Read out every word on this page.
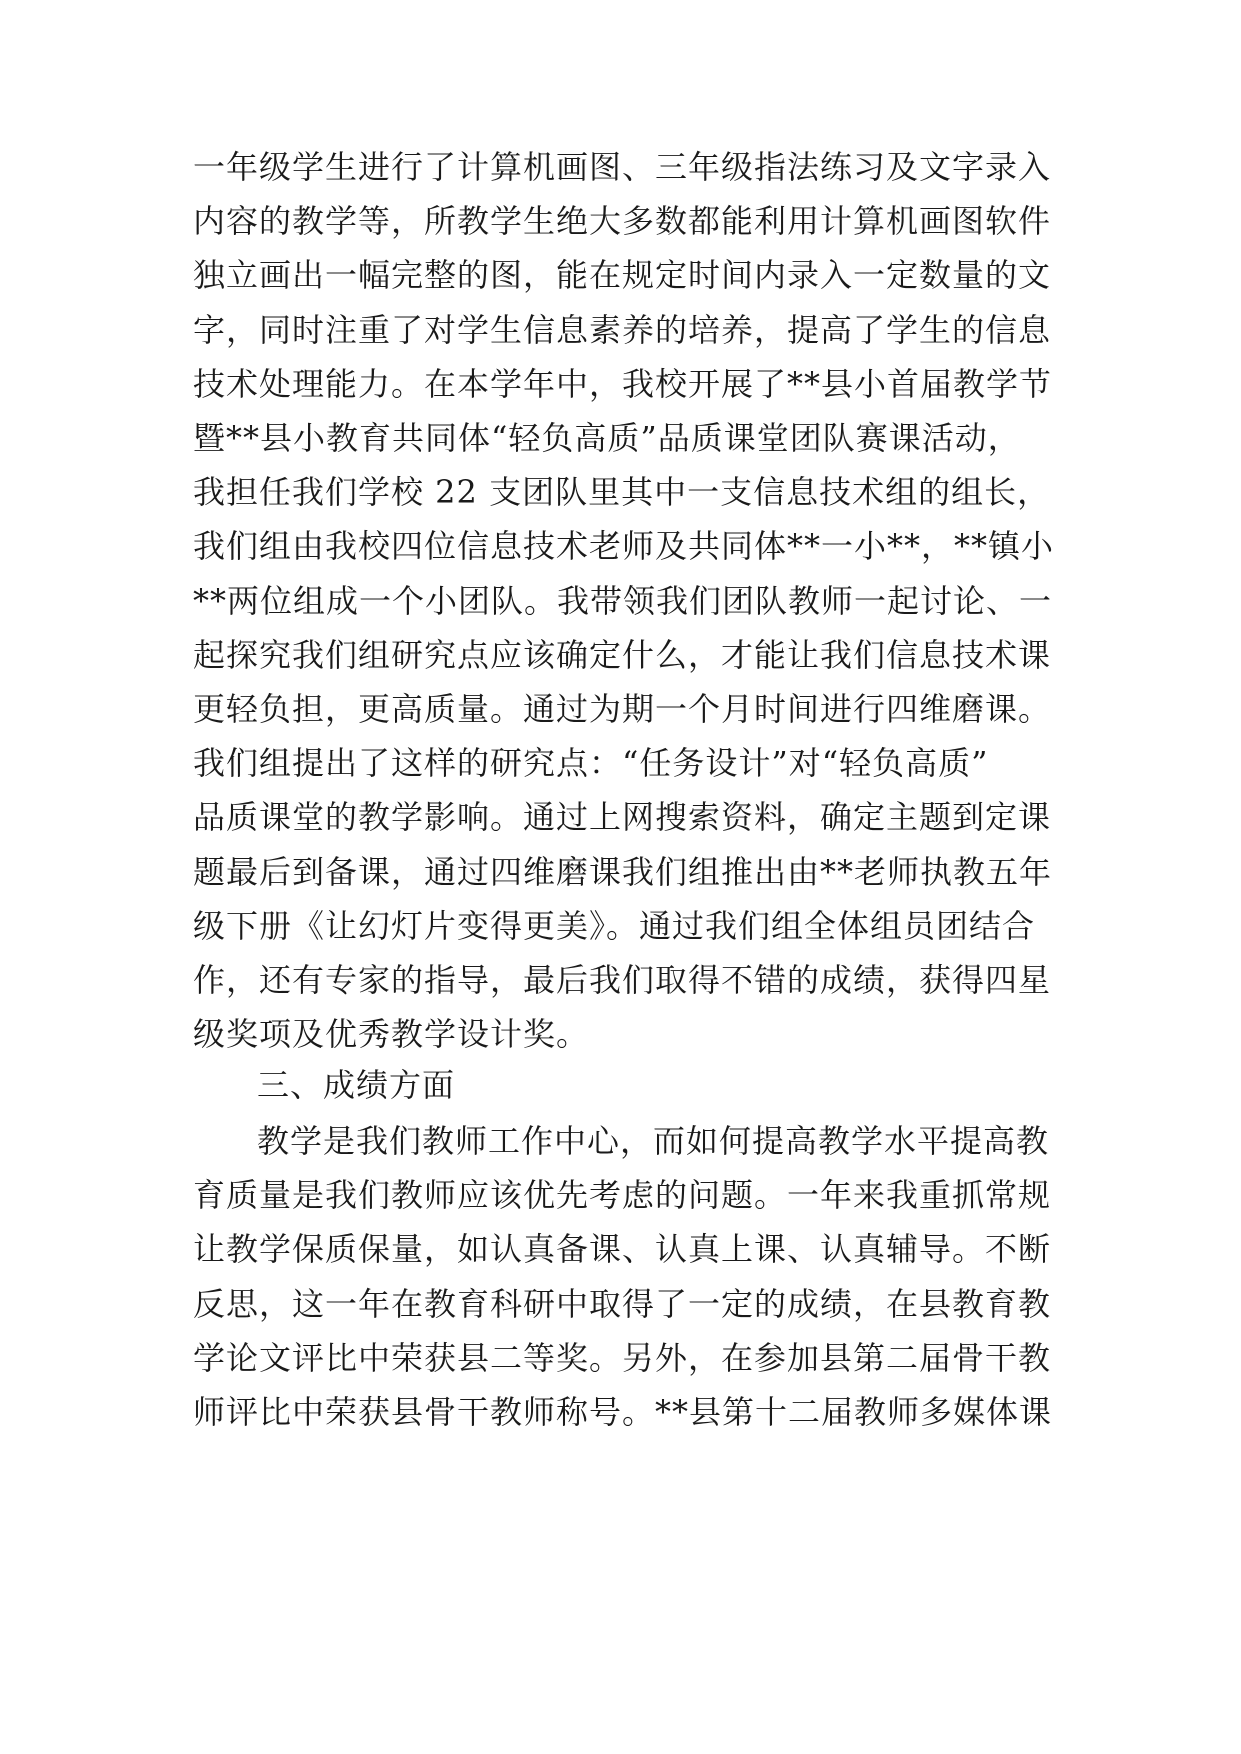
一年级学生进行了计算机画图、三年级指法练习及文字录入
内容的教学等，所教学生绝大多数都能利用计算机画图软件
独立画出一幅完整的图，能在规定时间内录入一定数量的文
字，同时注重了对学生信息素养的培养，提高了学生的信息
技术处理能力。在本学年中，我校开展了**县小首届教学节
暨**县小教育共同体“轻负高质”品质课堂团队赛课活动，
我担任我们学校 22 支团队里其中一支信息技术组的组长，
我们组由我校四位信息技术老师及共同体**一小**，**镇小
**两位组成一个小团队。我带领我们团队教师一起讨论、一
起探究我们组研究点应该确定什么，才能让我们信息技术课
更轻负担，更高质量。通过为期一个月时间进行四维磨课。
我们组提出了这样的研究点：“任务设计”对“轻负高质”
品质课堂的教学影响。通过上网搜索资料，确定主题到定课
题最后到备课，通过四维磨课我们组推出由**老师执教五年
级下册《让幻灯片变得更美》。通过我们组全体组员团结合
作，还有专家的指导，最后我们取得不错的成绩，获得四星
级奖项及优秀教学设计奖。
三、成绩方面
教学是我们教师工作中心，而如何提高教学水平提高教
育质量是我们教师应该优先考虑的问题。一年来我重抓常规
让教学保质保量，如认真备课、认真上课、认真辅导。不断
反思，这一年在教育科研中取得了一定的成绩，在县教育教
学论文评比中荣获县二等奖。另外，在参加县第二届骨干教
师评比中荣获县骨干教师称号。**县第十二届教师多媒体课
